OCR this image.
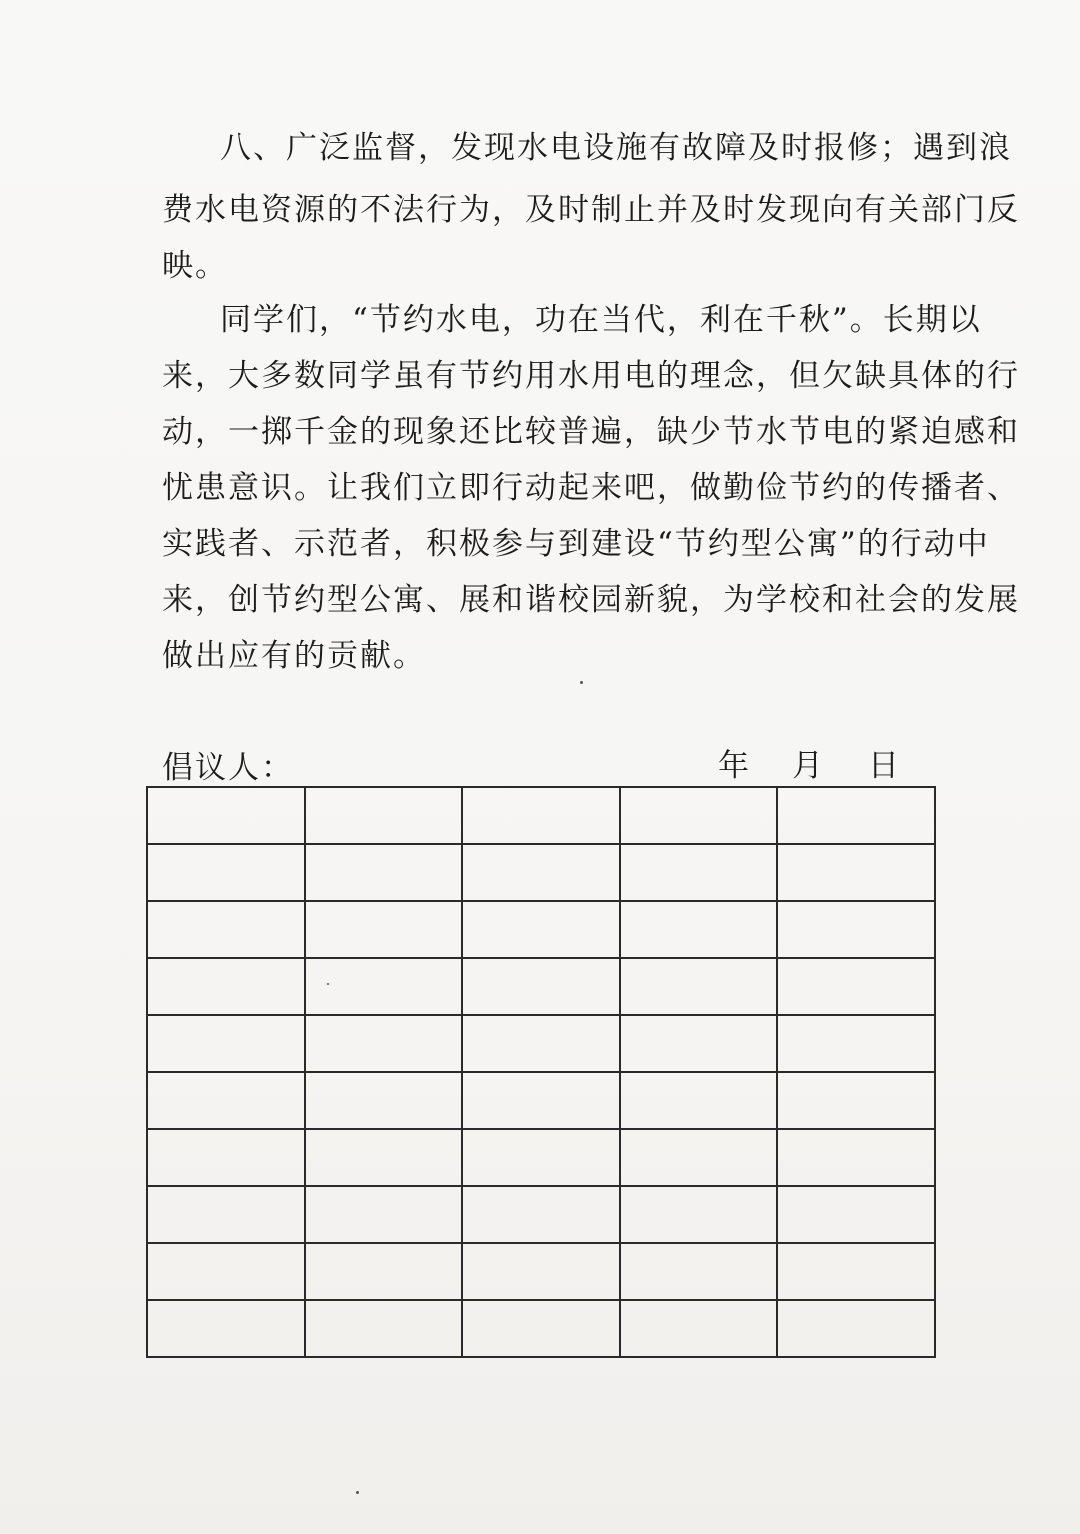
八、广泛监督，发现水电设施有故障及时报修；遇到浪
费水电资源的不法行为，及时制止并及时发现向有关部门反
映。
同学们，“节约水电，功在当代，利在千秋”。长期以
来，大多数同学虽有节约用水用电的理念，但欠缺具体的行
动，一掷千金的现象还比较普遍，缺少节水节电的紧迫感和
忧患意识。让我们立即行动起来吧，做勤俭节约的传播者、
实践者、示范者，积极参与到建设“节约型公寓”的行动中
来，创节约型公寓、展和谐校园新貌，为学校和社会的发展
做出应有的贡献。
倡议人：	年 月 日
